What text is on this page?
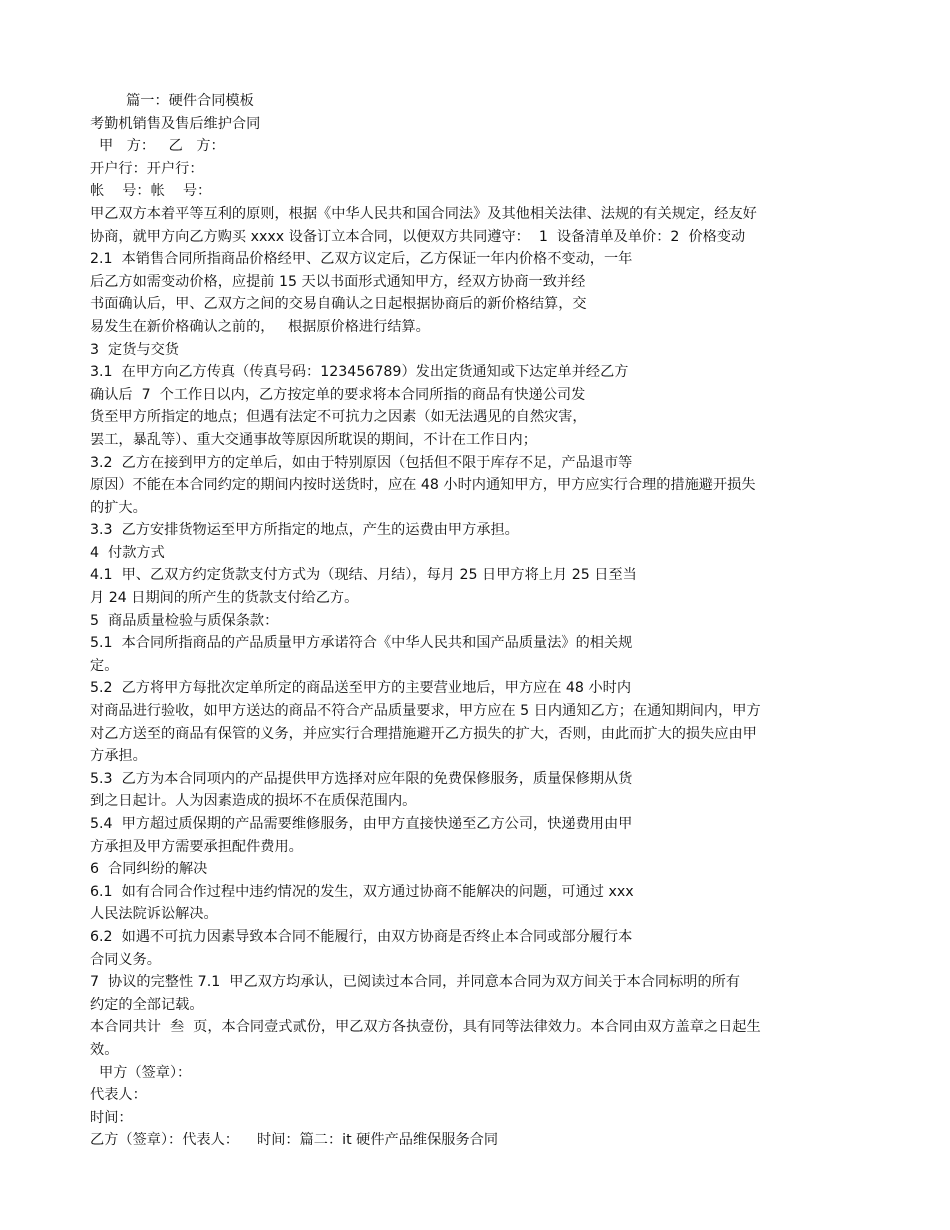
篇一：硬件合同模板
考勤机销售及售后维护合同
甲   方：   乙   方：
开户行：开户行：
帐    号：帐    号：
甲乙双方本着平等互利的原则，根据《中华人民共和国合同法》及其他相关法律、法规的有关规定，经友好
协商，就甲方向乙方购买 xxxx 设备订立本合同，以便双方共同遵守：  1  设备清单及单价：2  价格变动
2.1  本销售合同所指商品价格经甲、乙双方议定后，乙方保证一年内价格不变动，一年
后乙方如需变动价格，应提前 15 天以书面形式通知甲方，经双方协商一致并经
书面确认后，甲、乙双方之间的交易自确认之日起根据协商后的新价格结算，交
易发生在新价格确认之前的，   根据原价格进行结算。
3  定货与交货
3.1  在甲方向乙方传真（传真号码：123456789）发出定货通知或下达定单并经乙方
确认后  7  个工作日以内，乙方按定单的要求将本合同所指的商品有快递公司发
货至甲方所指定的地点；但遇有法定不可抗力之因素（如无法遇见的自然灾害，
罢工，暴乱等）、重大交通事故等原因所耽误的期间，不计在工作日内；
3.2  乙方在接到甲方的定单后，如由于特别原因（包括但不限于库存不足，产品退市等
原因）不能在本合同约定的期间内按时送货时，应在 48 小时内通知甲方，甲方应实行合理的措施避开损失
的扩大。
3.3  乙方安排货物运至甲方所指定的地点，产生的运费由甲方承担。
4  付款方式
4.1  甲、乙双方约定货款支付方式为（现结、月结），每月 25 日甲方将上月 25 日至当
月 24 日期间的所产生的货款支付给乙方。
5  商品质量检验与质保条款：
5.1  本合同所指商品的产品质量甲方承诺符合《中华人民共和国产品质量法》的相关规
定。
5.2  乙方将甲方每批次定单所定的商品送至甲方的主要营业地后，甲方应在 48 小时内
对商品进行验收，如甲方送达的商品不符合产品质量要求，甲方应在 5 日内通知乙方；在通知期间内，甲方
对乙方送至的商品有保管的义务，并应实行合理措施避开乙方损失的扩大，否则，由此而扩大的损失应由甲
方承担。
5.3  乙方为本合同项内的产品提供甲方选择对应年限的免费保修服务，质量保修期从货
到之日起计。人为因素造成的损坏不在质保范围内。
5.4  甲方超过质保期的产品需要维修服务，由甲方直接快递至乙方公司，快递费用由甲
方承担及甲方需要承担配件费用。
6  合同纠纷的解决
6.1  如有合同合作过程中违约情况的发生，双方通过协商不能解决的问题，可通过 xxx
人民法院诉讼解决。
6.2  如遇不可抗力因素导致本合同不能履行，由双方协商是否终止本合同或部分履行本
合同义务。
7  协议的完整性 7.1  甲乙双方均承认，已阅读过本合同，并同意本合同为双方间关于本合同标明的所有
约定的全部记载。
本合同共计  叁  页，本合同壹式贰份，甲乙双方各执壹份，具有同等法律效力。本合同由双方盖章之日起生
效。
甲方（签章）：
代表人：
时间：
乙方（签章）：代表人：    时间：篇二：it 硬件产品维保服务合同
